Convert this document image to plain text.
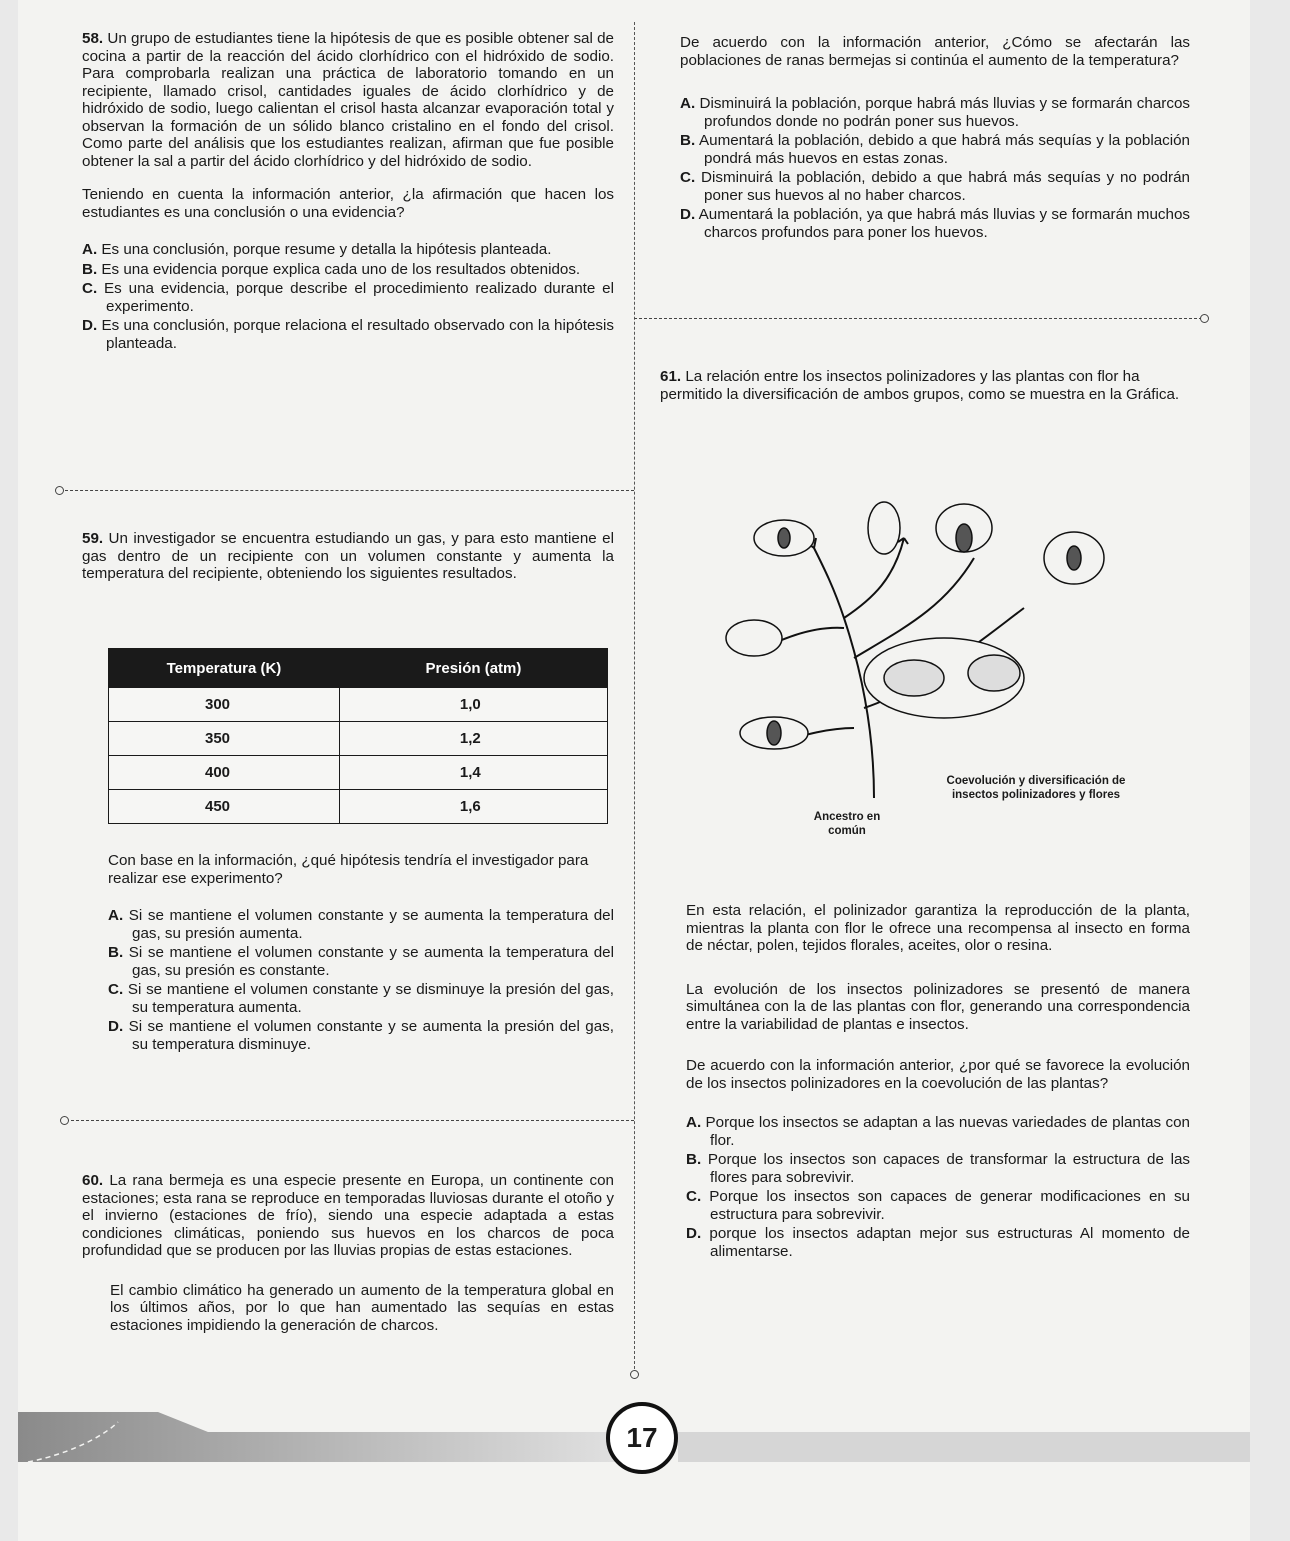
58. Un grupo de estudiantes tiene la hipótesis de que es posible obtener sal de cocina a partir de la reacción del ácido clorhídrico con el hidróxido de sodio. Para comprobarla realizan una práctica de laboratorio tomando en un recipiente, llamado crisol, cantidades iguales de ácido clorhídrico y de hidróxido de sodio, luego calientan el crisol hasta alcanzar evaporación total y observan la formación de un sólido blanco cristalino en el fondo del crisol. Como parte del análisis que los estudiantes realizan, afirman que fue posible obtener la sal a partir del ácido clorhídrico y del hidróxido de sodio.

Teniendo en cuenta la información anterior, ¿la afirmación que hacen los estudiantes es una conclusión o una evidencia?

A. Es una conclusión, porque resume y detalla la hipótesis planteada.

B. Es una evidencia porque explica cada uno de los resultados obtenidos.

C. Es una evidencia, porque describe el procedimiento realizado durante el experimento.

D. Es una conclusión, porque relaciona el resultado observado con la hipótesis planteada.

59. Un investigador se encuentra estudiando un gas, y para esto mantiene el gas dentro de un recipiente con un volumen constante y aumenta la temperatura del recipiente, obteniendo los siguientes resultados.

Temperatura (K)	Presión (atm)
300	1,0
350	1,2
400	1,4
450	1,6

Con base en la información, ¿qué hipótesis tendría el investigador para realizar ese experimento?

A. Si se mantiene el volumen constante y se aumenta la temperatura del gas, su presión aumenta.

B. Si se mantiene el volumen constante y se aumenta la temperatura del gas, su presión es constante.

C. Si se mantiene el volumen constante y se disminuye la presión del gas, su temperatura aumenta.

D. Si se mantiene el volumen constante y se aumenta la presión del gas, su temperatura disminuye.

60. La rana bermeja es una especie presente en Europa, un continente con estaciones; esta rana se reproduce en temporadas lluviosas durante el otoño y el invierno (estaciones de frío), siendo una especie adaptada a estas condiciones climáticas, poniendo sus huevos en los charcos de poca profundidad que se producen por las lluvias propias de estas estaciones.

El cambio climático ha generado un aumento de la temperatura global en los últimos años, por lo que han aumentado las sequías en estas estaciones impidiendo la generación de charcos.

De acuerdo con la información anterior, ¿Cómo se afectarán las poblaciones de ranas bermejas si continúa el aumento de la temperatura?

A. Disminuirá la población, porque habrá más lluvias y se formarán charcos profundos donde no podrán poner sus huevos.

B. Aumentará la población, debido a que habrá más sequías y la población pondrá más huevos en estas zonas.

C. Disminuirá la población, debido a que habrá más sequías y no podrán poner sus huevos al no haber charcos.

D. Aumentará la población, ya que habrá más lluvias y se formarán muchos charcos profundos para poner los huevos.

61. La relación entre los insectos polinizadores y las plantas con flor ha permitido la diversificación de ambos grupos, como se muestra en la Gráfica.

Coevolución y diversificación de insectos polinizadores y flores
Ancestro en común

En esta relación, el polinizador garantiza la reproducción de la planta, mientras la planta con flor le ofrece una recompensa al insecto en forma de néctar, polen, tejidos florales, aceites, olor o resina.

La evolución de los insectos polinizadores se presentó de manera simultánea con la de las plantas con flor, generando una correspondencia entre la variabilidad de plantas e insectos.

De acuerdo con la información anterior, ¿por qué se favorece la evolución de los insectos polinizadores en la coevolución de las plantas?

A. Porque los insectos se adaptan a las nuevas variedades de plantas con flor.

B. Porque los insectos son capaces de transformar la estructura de las flores para sobrevivir.

C. Porque los insectos son capaces de generar modificaciones en su estructura para sobrevivir.

D. porque los insectos adaptan mejor sus estructuras Al momento de alimentarse.

17
